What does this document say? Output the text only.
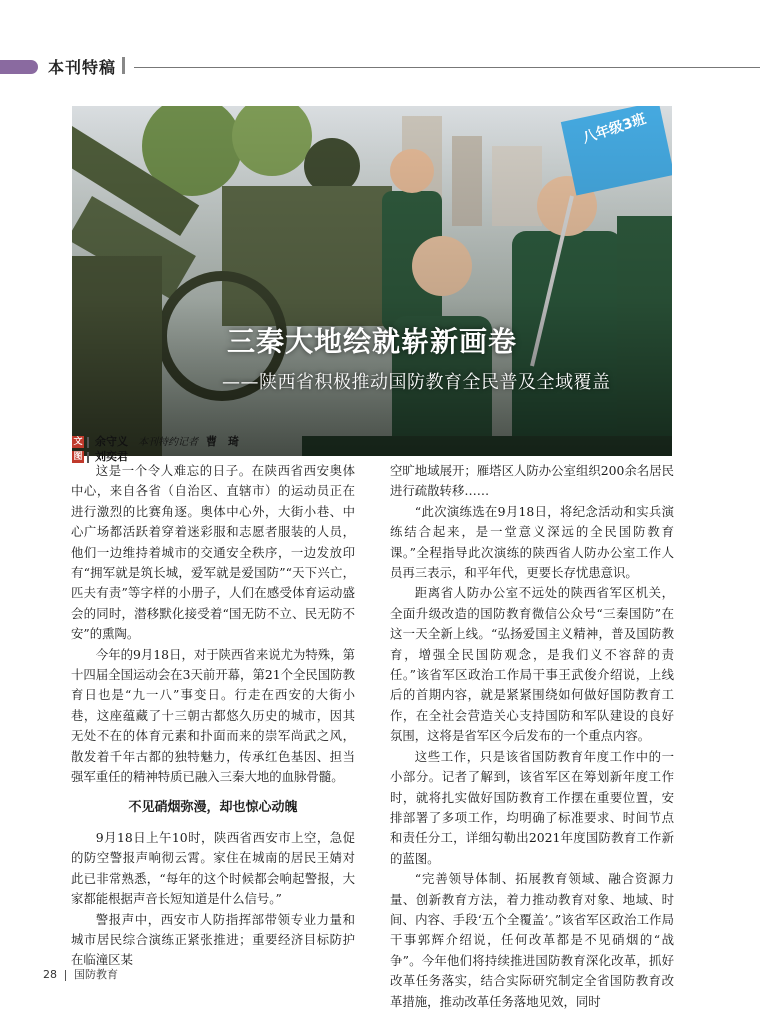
本刊特稿
八年级3班
三秦大地绘就崭新画卷
——陕西省积极推动国防教育全民普及全域覆盖
文 余守义 本刊特约记者 曹　琦
图 刘奕君

这是一个令人难忘的日子。在陕西省西安奥体中心，来自各省（自治区、直辖市）的运动员正在进行激烈的比赛角逐。奥体中心外，大街小巷、中心广场都活跃着穿着迷彩服和志愿者服装的人员，他们一边维持着城市的交通安全秩序，一边发放印有“拥军就是筑长城，爱军就是爱国防”“天下兴亡，匹夫有责”等字样的小册子，人们在感受体育运动盛会的同时，潜移默化接受着“国无防不立、民无防不安”的熏陶。

今年的9月18日，对于陕西省来说尤为特殊，第十四届全国运动会在3天前开幕，第21个全民国防教育日也是“九一八”事变日。行走在西安的大街小巷，这座蕴藏了十三朝古都悠久历史的城市，因其无处不在的体育元素和扑面而来的崇军尚武之风，散发着千年古都的独特魅力，传承红色基因、担当强军重任的精神特质已融入三秦大地的血脉骨髓。

不见硝烟弥漫，却也惊心动魄

9月18日上午10时，陕西省西安市上空，急促的防空警报声响彻云霄。家住在城南的居民王婧对此已非常熟悉，“每年的这个时候都会响起警报，大家都能根据声音长短知道是什么信号。”

警报声中，西安市人防指挥部带领专业力量和城市居民综合演练正紧张推进；重要经济目标防护在临潼区某

空旷地域展开；雁塔区人防办公室组织200余名居民进行疏散转移……

“此次演练选在9月18日，将纪念活动和实兵演练结合起来，是一堂意义深远的全民国防教育课。”全程指导此次演练的陕西省人防办公室工作人员再三表示，和平年代，更要长存忧患意识。

距离省人防办公室不远处的陕西省军区机关，全面升级改造的国防教育微信公众号“三秦国防”在这一天全新上线。“弘扬爱国主义精神，普及国防教育，增强全民国防观念，是我们义不容辞的责任。”该省军区政治工作局干事王武俊介绍说，上线后的首期内容，就是紧紧围绕如何做好国防教育工作，在全社会营造关心支持国防和军队建设的良好氛围，这将是省军区今后发布的一个重点内容。

这些工作，只是该省国防教育年度工作中的一小部分。记者了解到，该省军区在筹划新年度工作时，就将扎实做好国防教育工作摆在重要位置，安排部署了多项工作，均明确了标准要求、时间节点和责任分工，详细勾勒出2021年度国防教育工作新的蓝图。

“完善领导体制、拓展教育领域、融合资源力量、创新教育方法，着力推动教育对象、地域、时间、内容、手段‘五个全覆盖’。”该省军区政治工作局干事郭辉介绍说，任何改革都是不见硝烟的“战争”。今年他们将持续推进国防教育深化改革，抓好改革任务落实，结合实际研究制定全省国防教育改革措施，推动改革任务落地见效，同时

28 国防教育
